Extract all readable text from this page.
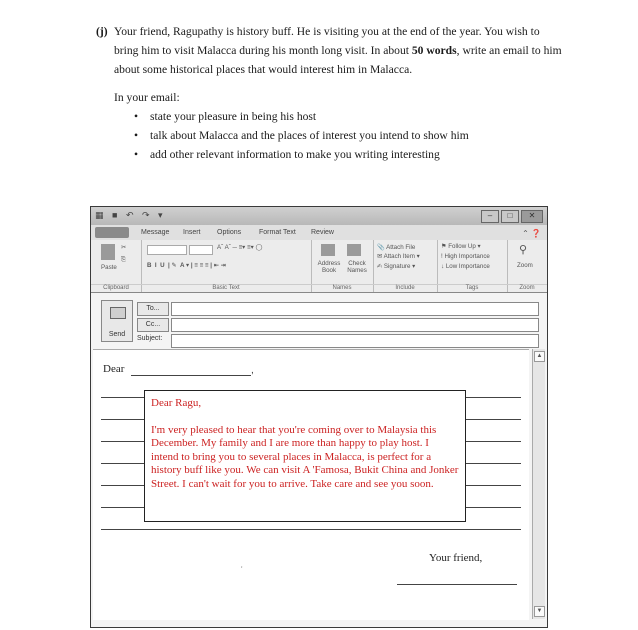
(j) Your friend, Ragupathy is history buff. He is visiting you at the end of the year. You wish to bring him to visit Malacca during his month long visit. In about 50 words, write an email to him about some historical places that would interest him in Malacca.
In your email:
• state your pleasure in being his host
• talk about Malacca and the places of interest you intend to show him
• add other relevant information to make you writing interesting
▦ ■ ↶ ↷ ▾	–	□	✕
Message Insert Options	Format Text Review	⌃ ❓
Paste
✂
⎘
Clipboard
Aˆ Aˇ ─ ≡▾ ≡▾ ◯
B  I  U  | ✎  A ▾ | ≡ ≡ ≡ | ⇤ ⇥
Basic Text
Address Book
Check Names
Names
📎 Attach File
✉ Attach Item ▾
✍ Signature ▾
Include
⚑ Follow Up ▾
! High Importance
↓ Low Importance
Tags
⚲
Zoom
Zoom
Send
To...
Cc...
Subject:
▲
▼
Dear	,
Your friend,
ʹ

Dear Ragu,

I'm very pleased to hear that you're coming over to Malaysia this December. My family and I are more than happy to play host. I intend to bring you to several places in Malacca, is perfect for a history buff like you. We can visit A 'Famosa, Bukit China and Jonker Street. I can't wait for you to arrive. Take care and see you soon.
